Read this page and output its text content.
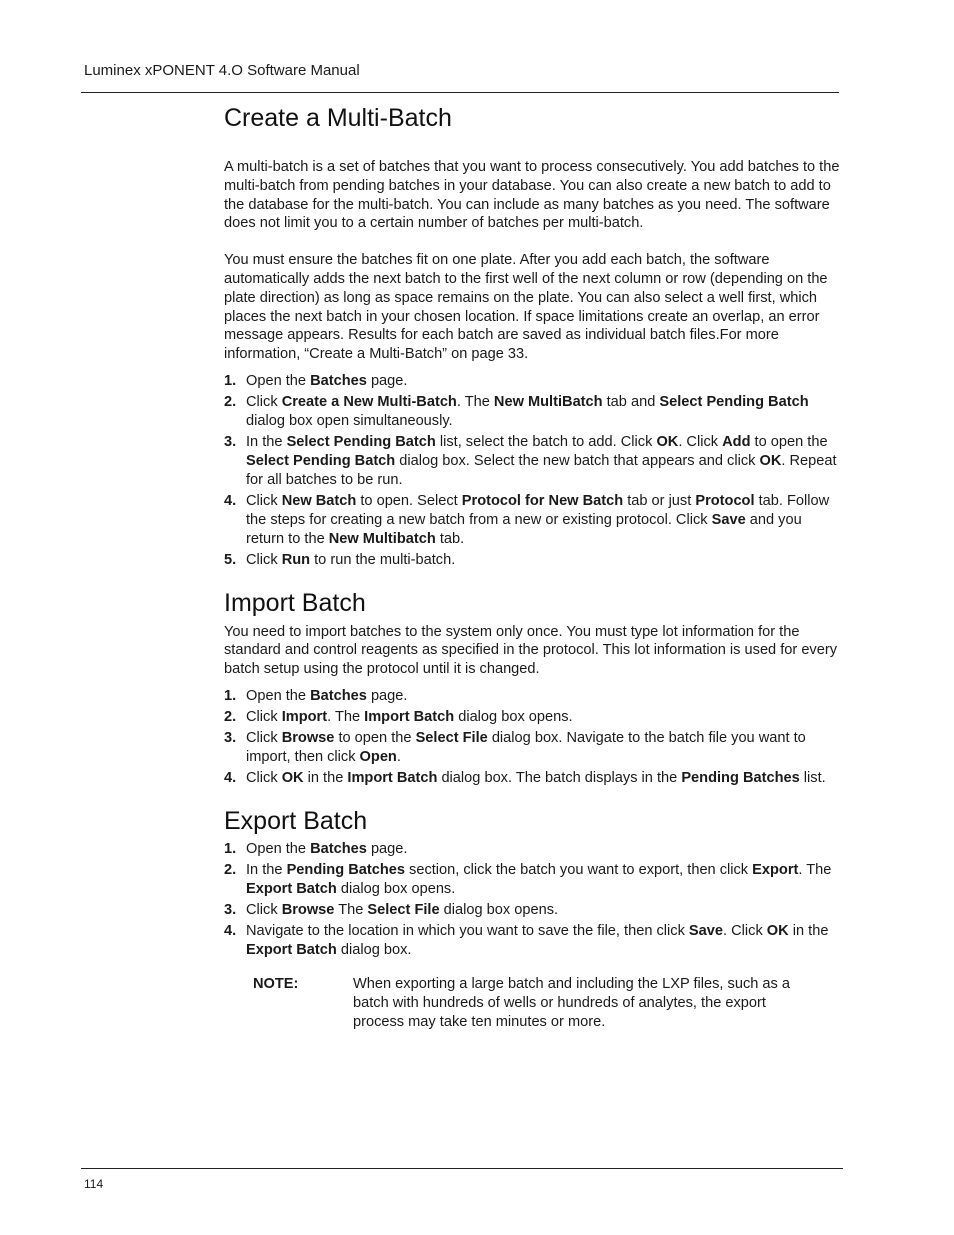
Luminex xPONENT 4.O Software Manual
Create a Multi-Batch

A multi-batch is a set of batches that you want to process consecutively. You add batches to the multi-batch from pending batches in your database. You can also create a new batch to add to the database for the multi-batch. You can include as many batches as you need. The software does not limit you to a certain number of batches per multi-batch.

You must ensure the batches fit on one plate. After you add each batch, the software automatically adds the next batch to the first well of the next column or row (depending on the plate direction) as long as space remains on the plate. You can also select a well first, which places the next batch in your chosen location. If space limitations create an overlap, an error message appears. Results for each batch are saved as individual batch files.For more information, “Create a Multi-Batch” on page 33.

1. Open the Batches page.
2. Click Create a New Multi-Batch. The New MultiBatch tab and Select Pending Batch dialog box open simultaneously.
3. In the Select Pending Batch list, select the batch to add. Click OK. Click Add to open the Select Pending Batch dialog box. Select the new batch that appears and click OK. Repeat for all batches to be run.
4. Click New Batch to open. Select Protocol for New Batch tab or just Protocol tab. Follow the steps for creating a new batch from a new or existing protocol. Click Save and you return to the New Multibatch tab.
5. Click Run to run the multi-batch.
Import Batch

You need to import batches to the system only once. You must type lot information for the standard and control reagents as specified in the protocol. This lot information is used for every batch setup using the protocol until it is changed.

1. Open the Batches page.
2. Click Import. The Import Batch dialog box opens.
3. Click Browse to open the Select File dialog box. Navigate to the batch file you want to import, then click Open.
4. Click OK in the Import Batch dialog box. The batch displays in the Pending Batches list.
Export Batch
1. Open the Batches page.
2. In the Pending Batches section, click the batch you want to export, then click Export. The Export Batch dialog box opens.
3. Click Browse The Select File dialog box opens.
4. Navigate to the location in which you want to save the file, then click Save. Click OK in the Export Batch dialog box.
NOTE:	When exporting a large batch and including the LXP files, such as a batch with hundreds of wells or hundreds of analytes, the export process may take ten minutes or more.
114
